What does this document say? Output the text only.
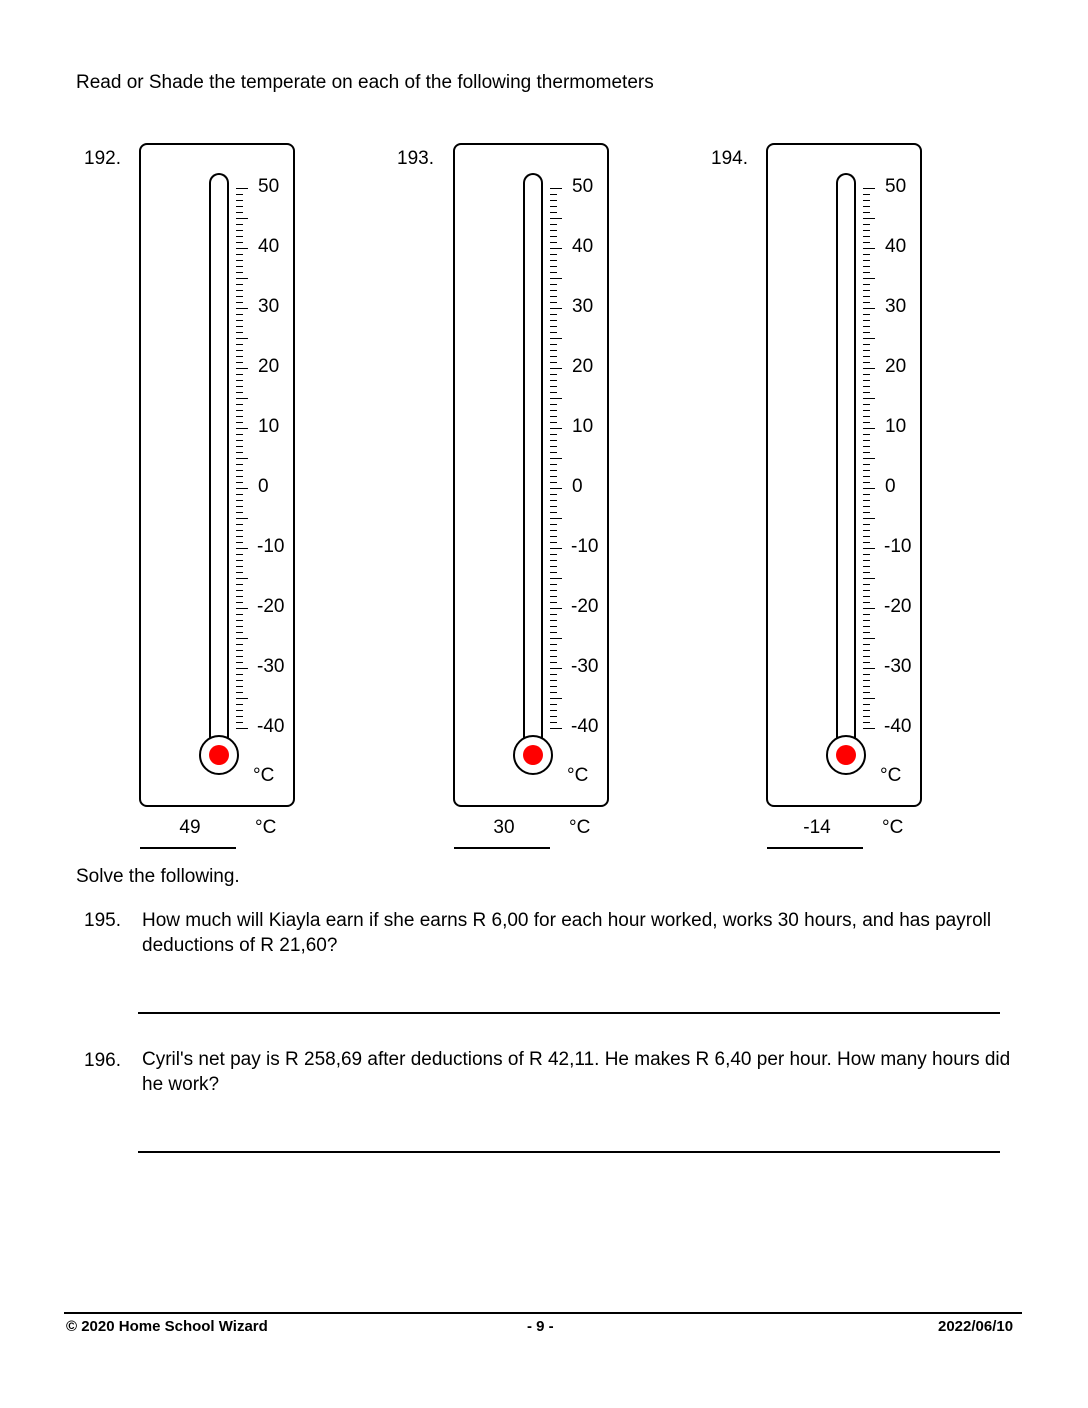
Read or Shade the temperate on each of the following thermometers
192.
50
40
30
20
10
0
-10
-20
-30
-40
°C
49	°C
193.
50
40
30
20
10
0
-10
-20
-30
-40
°C
30	°C
194.
50
40
30
20
10
0
-10
-20
-30
-40
°C
-14	°C
Solve the following.
195. How much will Kiayla earn if she earns R 6,00 for each hour worked, works 30 hours, and has payroll deductions of R 21,60?
196. Cyril's net pay is R 258,69 after deductions of R 42,11. He makes R 6,40 per hour. How many hours did he work?
© 2020 Home School Wizard	- 9 -	2022/06/10
